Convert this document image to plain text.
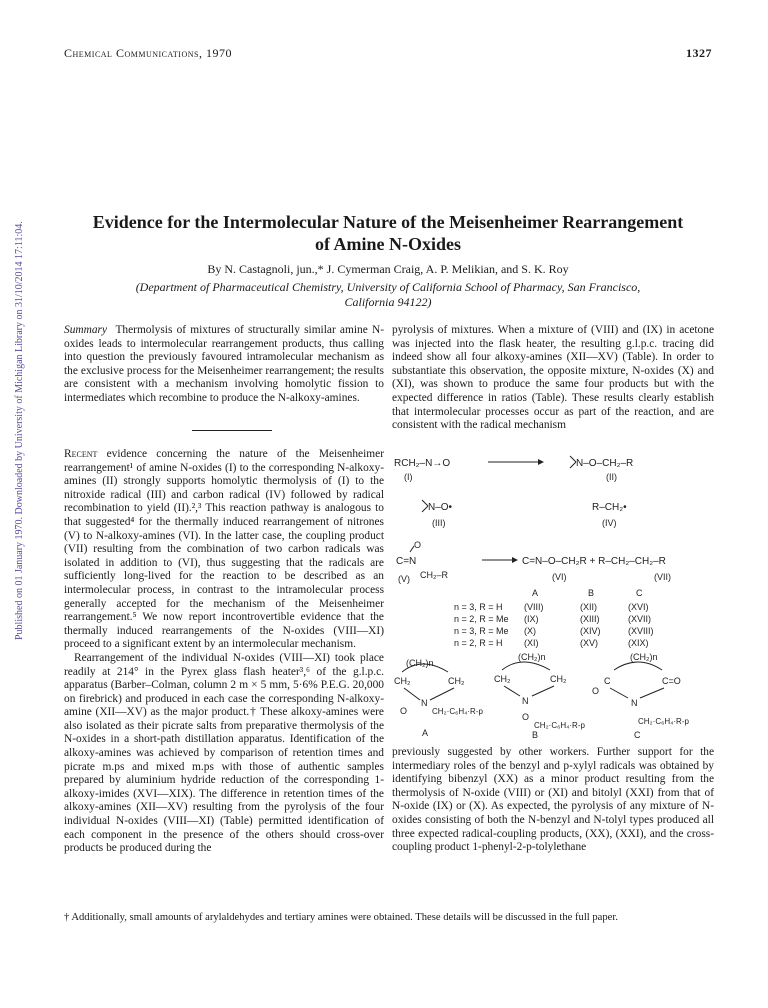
Published on 01 January 1970. Downloaded by University of Michigan Library on 31/10/2014 17:11:04.
Chemical Communications, 1970	1327
Evidence for the Intermolecular Nature of the Meisenheimer Rearrangement
of Amine N-Oxides
By N. Castagnoli, jun.,* J. Cymerman Craig, A. P. Melikian, and S. K. Roy
(Department of Pharmaceutical Chemistry, University of California School of Pharmacy, San Francisco,
California 94122)

Summary Thermolysis of mixtures of structurally similar amine N-oxides leads to intermolecular rearrangement products, thus calling into question the previously favoured intramolecular mechanism as the exclusive process for the Meisenheimer rearrangement; the results are consistent with a mechanism involving homolytic fission to intermediates which recombine to produce the N-alkoxy-amines.

Recent evidence concerning the nature of the Meisenheimer rearrangement¹ of amine N-oxides (I) to the corresponding N-alkoxy-amines (II) strongly supports homolytic thermolysis of (I) to the nitroxide radical (III) and carbon radical (IV) followed by radical recombination to yield (II).²,³ This reaction pathway is analogous to that suggested⁴ for the thermally induced rearrangement of nitrones (V) to N-alkoxy-amines (VI). In the latter case, the coupling product (VII) resulting from the combination of two carbon radicals was isolated in addition to (VI), thus suggesting that the radicals are sufficiently long-lived for the reaction to be described as an intermolecular process, in contrast to the intramolecular process generally accepted for the mechanism of the Meisenheimer rearrangement.⁵ We now report incontrovertible evidence that the thermally induced rearrangements of the N-oxides (VIII—XI) proceed to a significant extent by an intermolecular mechanism.

Rearrangement of the individual N-oxides (VIII—XI) took place readily at 214° in the Pyrex glass flash heater³,⁶ of the g.l.p.c. apparatus (Barber–Colman, column 2 m × 5 mm, 5·6% P.E.G. 20,000 on firebrick) and produced in each case the corresponding N-alkoxy-amine (XII—XV) as the major product.† These alkoxy-amines were also isolated as their picrate salts from preparative thermolysis of the N-oxides in a short-path distillation apparatus. Identification of the alkoxy-amines was achieved by comparison of retention times and picrate m.ps and mixed m.ps with those of authentic samples prepared by aluminium hydride reduction of the corresponding 1-alkoxy-imides (XVI—XIX). The difference in retention times of the alkoxy-amines (XII—XV) resulting from the pyrolysis of the four individual N-oxides (VIII—XI) (Table) permitted identification of each component in the presence of the others should cross-over products be produced during the

pyrolysis of mixtures. When a mixture of (VIII) and (IX) in acetone was injected into the flask heater, the resulting g.l.p.c. tracing did indeed show all four alkoxy-amines (XII—XV) (Table). In order to substantiate this observation, the opposite mixture, N-oxides (X) and (XI), was shown to produce the same four products but with the expected difference in ratios (Table). These results clearly establish that intermolecular processes occur as part of the reaction, and are consistent with the radical mechanism
RCH₂–N→O
(I)
N–O–CH₂–R
(II)
N–O•
(III)
R–CH₂•
(IV)
O
C=N
CH₂–R
(V)
C=N–O–CH₂R + R–CH₂–CH₂–R
(VI)	(VII)
A	B	C
n = 3, R = H (VIII)	(XII)	(XVI)
n = 2, R = Me (IX)	(XIII)	(XVII)
n = 3, R = Me (X)	(XIV)	(XVIII)
n = 2, R = H (XI)	(XV)	(XIX)
(CH₂)n
CH₂	CH₂
N
O	CH₂·C₆H₄·R-p
A
(CH₂)n
CH₂	CH₂
N
O
CH₂·C₆H₄·R-p
B
(CH₂)n
C
O
C=O
N
CH₂·C₆H₄·R-p
C
previously suggested by other workers. Further support for the intermediary roles of the benzyl and p-xylyl radicals was obtained by identifying bibenzyl (XX) as a minor product resulting from the thermolysis of N-oxide (VIII) or (XI) and bitolyl (XXI) from that of N-oxide (IX) or (X). As expected, the pyrolysis of any mixture of N-oxides consisting of both the N-benzyl and N-tolyl types produced all three expected radical-coupling products, (XX), (XXI), and the cross-coupling product 1-phenyl-2-p-tolylethane
† Additionally, small amounts of arylaldehydes and tertiary amines were obtained. These details will be discussed in the full paper.
